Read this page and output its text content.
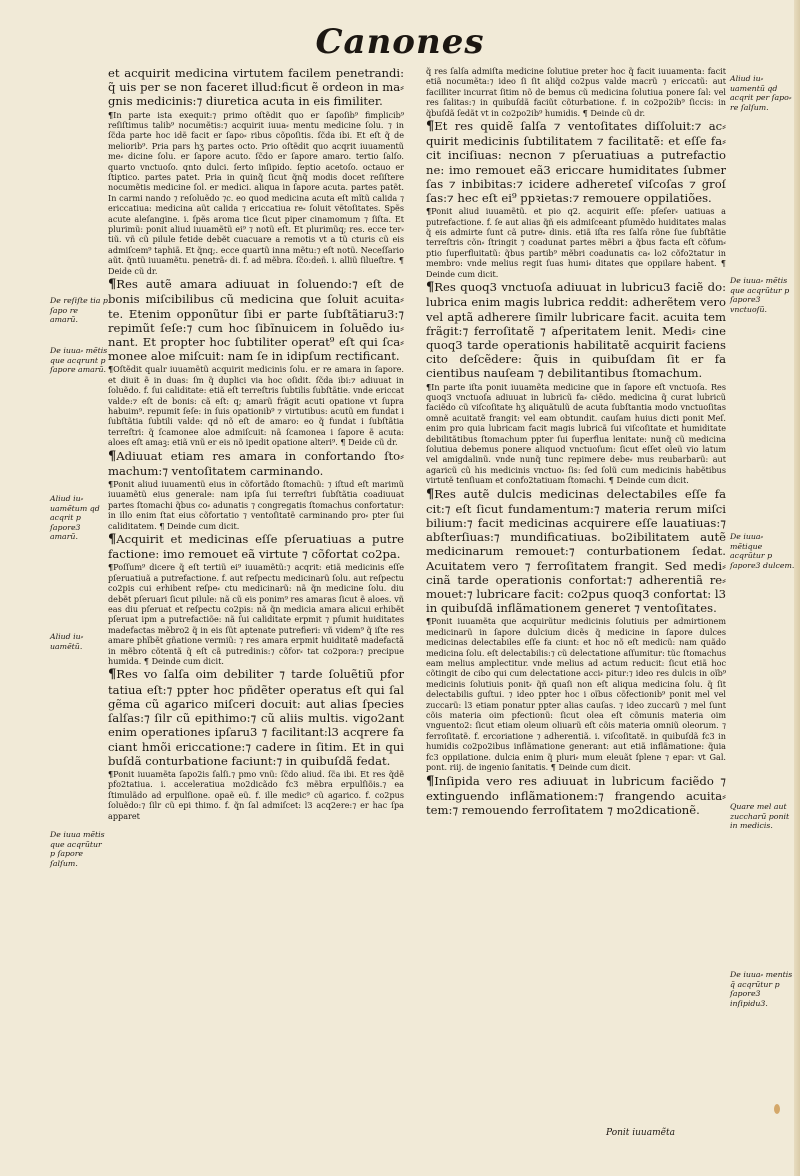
Canones

De reſiſte tia p ſapo re amarũ.

De iuua⸗ mẽtis que acqrunt p ſapore amarũ.

Aliud iu⸗ uamẽtum qd acqrit p ſapore3 amarũ.

Aliud iu⸗ uamẽtũ.

De iuua mẽtis que acqrũtur p ſapore ſalſum.

et acquirit medicina virtutem facilem penetrandi: q̃ uis per se non faceret illud:ficut ẽ ordeon in ma⸗ gnis medicinis:⁊ diuretica acuta in eis fimiliter.

¶In parte ista exequit:⁊ primo oſtẽdit quo er ſapoſib⁹ fimplicib⁹ reſiſtimus talib⁹ nocumẽtis:⁊ acquirit iuua⸗ mentu medicine ſolu. ⁊ in ſc̃da parte hoc idẽ facit er ſapo⸗ ribus cõpoſitis. ſc̃da ibi. Et eſt q̃ de meliorib⁹. Pria pars hʒ partes octo. Prio oſtẽdit quo acqrit iuuamentũ me⸗ dicine ſolu. er ſapore acuto. ſc̃do er ſapore amaro. tertio ſalſo. quarto vnctuoſo. qnto dulci. ſerto inſipido. ſeptio acetoſo. octauo er ſtiptico. partes patet. Pria in quinq̃ ſicut q̃nq̃ modis docet reſiſtere nocumẽtis medicine ſol. er medici. aliqua in ſapore acuta. partes patẽt. In carmi nando ⁊ reſoluẽdo ⁊c. eo quod medicina acuta eſt mĩtũ calida ⁊ ericcatiua: medicina aũt calida ⁊ ericcatiua re⸗ ſoluit vẽtoſitates. Spẽs acute aleſangine. i. ſpẽs aroma tice ſicut piper cinamomum ⁊ ſiſta. Et plurimũ: ponit aliud iuuamẽtũ ei⁹ ⁊ notũ eſt. Et plurimũq; res. ecce ter⸗ tiũ. vñ cũ pilule fetide debẽt cuacuare a remotis vt a tũ cturis cũ eis admiſcem⁹ taphiã. Et q̃nq;. ecce quartũ inna mẽtu:⁊ eſt notũ. Neceſſario aũt. q̃ntũ iuuamẽtu. penetrã⸗ di. f. ad mẽbra. ſc̃o:deñ. i. alliũ ſilueſtre. ¶ Deide cũ dr.

¶Res autẽ amara adiuuat in ſoluendo:⁊ eſt de bonis miſcibilibus cũ medicina que ſoluit acuita⸗ te. Etenim opponũtur ſibi er parte ſubſtãtiaru3:⁊ repimũt ſeſe:⁊ cum hoc ſibĩnuicem in ſoluẽdo iu⸗ nant. Et propter hoc ſubtiliter operat⁹ eſt qui ſca⸗ monee aloe miſcuit: nam ſe in idipſum rectificant.

¶Oſtẽdit qualr iuuamẽtũ acquirit medicinis ſolu. er re amara in ſapore. et diuit ẽ in duas: ſm q̃ duplici via hoc oſidit. ſc̃da ibi:⁊ adiuuat in ſoluẽdo. f. ſui caliditate: etiã eſt terreſtris ſubtilis ſubſtãtie. vnde ericcat valde:⁊ eſt de bonis: cã eſt: q; amarũ frãgit acuti opatione vt ſupra habuim⁹. repumit ſeſe: in ſuis opationib⁹ ⁊ virtutibus: acutũ em fundat i ſubſtãtia ſubtili valde: qd nõ eſt de amaro: eo q̃ fundat i ſubſtãtia terreſtri: q̃ ſcamonee aloe admiſcuit: nã ſcamonea i ſapore ẽ acuta: aloes eſt amaꝫ: etiã vnũ er eis nõ ipedit opatione alteri⁹. ¶ Deide cũ dr.

¶Adiuuat etiam res amara in confortando ſto⸗ machum:⁊ ventoſitatem carminando.

¶Ponit aliud iuuamentũ eius in cõfortãdo ſtomachũ: ⁊ iſtud eſt marimũ iuuamẽtũ eius generale: nam ipſa ſui terreſtri ſubſtãtia coadiuuat partes ſtomachi q̃bus co⸗ adunatis ⁊ congregatis ſtomachus confortatur: in illo enim ſtat eius cõfortatio ⁊ ventoſitatẽ carminando pro⸗ pter ſui caliditatem. ¶ Deinde cum dicit.

¶Acquirit et medicinas eſſe pſeruatiuas a putre factione: imo remouet eã virtute ⁊ cõfortat co2pa.

¶Poſſum⁹ dicere q̃ eſt tertiũ ei⁹ iuuamẽtũ:⁊ acqrit: etiã medicinis eſſe pſeruatiuã a putrefactione. f. aut reſpectu medicinarũ ſolu. aut reſpectu co2pis cui erhibent reſpe⸗ ctu medicinarũ: nã q̃n medicine ſolu. diu debẽt pſeruari ſicut pilule: nã cũ eis ponim⁹ res amaras ſicut ẽ aloes. vñ eas diu pſeruat et reſpectu co2pis: nã q̃n medicia amara alicui erhibẽt pſeruat ipm a putrefactiõe: nã ſui caliditate erpmit ⁊ pſumit huiditates madefactas mẽbro2 q̃ in eis ſũt aptenate putrefieri: vñ videm⁹ q̃ iſte res amare phĩbẽt gñatione vermiũ: ⁊ res amara erpmit huiditatẽ madefactã in mẽbro cõtentã q̃ eſt cã putredinis:⁊ cõfor⸗ tat co2pora:⁊ precipue humida. ¶ Deinde cum dicit.

¶Res vo ſalſa oim debiliter ⁊ tarde ſoluẽtiũ pfor tatiua eſt:⁊ ppter hoc pñdẽter operatus eſt qui ſal gẽma cũ agarico miſceri docuit: aut alias ſpecies ſalſas:⁊ ſilr cũ epithimo:⁊ cũ aliis multis. vigo2ant enim operationes ipſaru3 ⁊ facilitant:l3 acqrere fa ciant hmõi ericcatione:⁊ cadere in ſitim. Et in qui buſdã conturbatione faciunt:⁊ in quibuſdã fedat.

¶Ponit iuuamẽta ſapo2is ſalſi.⁊ pmo vnũ: ſc̃do aliud. ſc̃a ibi. Et res q̃dẽ pfo2tatiua. i. acceleratiua mo2dicãdo fc3 mẽbra erpulſiõis.⁊ ea ſtimulãdo ad erpulſione. opaẽ eũ. f. ille medic⁹ cũ agarico. f. co2pus ſoluẽdo:⁊ ſilr cũ epi thimo. f. q̃n ſal admiſcet: l3 acq2ere:⁊ er hac ſpa apparet

q̃ res ſalſa admiſta medicine ſolutiue preter hoc q̃ facit iuuamenta: facit etiã nocumẽta:⁊ ideo ſi ſit aliq̃d co2pus valde macrũ ⁊ ericcatũ: aut facilliter incurrat ſitim nõ de bemus cũ medicina ſolutiua ponere ſal: vel res ſalitas:⁊ in quibuſdã faciũt cõturbatione. f. in co2po2ib⁹ ſiccis: in q̃buſdã ſedãt vt in co2po2ib⁹ humidis. ¶ Deinde cũ dr.

¶Et res quidẽ ſalſa ⁊ ventoſitates diſſoluit:⁊ ac⸗ quirit medicinis ſubtilitatem ⁊ facilitatẽ: et eſſe fa⸗ cit inciſiuas: necnon ⁊ pſeruatiuas a putrefactio ne: imo remouet eã3 ericcare humiditates ſubmer ſas ⁊ inbibitas:⁊ icidere adhereteſ viſcoſas ⁊ groſ ſas:⁊ hec eſt ei⁹ ppꝛietas:⁊ remouere oppilatiões.

¶Ponit aliud iuuamẽtũ. et pio q2. acquirit eſſe: pſeſer⸗ uatiuas a putrefactione. f. ſe aut alias q̃ñ eis admiſceant pſumẽdo huiditates malas q̃ eis admirte ſunt cã putre⸗ dinis. etiã iſta res ſalſa rõne ſue ſubſtãtie terreſtris cõn⸗ ſtringit ⁊ coadunat partes mẽbri a q̃bus facta eſt cõfum⸗ ptio ſuperfluitatũ: q̃bus partib⁹ mẽbri coadunatis ca⸗ lo2 cõfo2tatur in membro: vnde melius regit ſuas humi⸗ ditates que oppilare habent. ¶ Deinde cum dicit.

¶Res quoq3 vnctuoſa adiuuat in lubricu3 faciẽ do: lubrica enim magis lubrica reddit: adherẽtem vero vel aptã adherere ſimilr lubricare facit. acuita tem frãgit:⁊ ferroſitatẽ ⁊ aſperitatem lenit. Medi⸗ cine quoq3 tarde operationis habilitatẽ acquirit faciens cito deſcẽdere: q̃uis in quibuſdam ſit er fa cientibus nauſeam ⁊ debilitantibus ſtomachum.

¶In parte iſta ponit iuuamẽta medicine que in ſapore eſt vnctuoſa. Res quoq3 vnctuoſa adiuuat in lubricũ fa⸗ ciẽdo. medicina q̃ curat lubricũ faciẽdo cũ viſcoſitate hʒ aliquãtulũ de acuta ſubſtantia modo vnctuoſitas omnẽ acuitatẽ frangit: vel eam obtundit. cauſam huius dicti ponit Meſ. enim pro quia lubricam facit magis lubricã ſui viſcoſitate et humiditate debilitãtibus ſtomachum ppter ſui ſuperflua lenitate: nunq̃ cũ medicina ſolutiua debemus ponere aliquod vnctuoſum: ſicut eſſet oleũ vio latum vel amigdalinũ. vnde nunq̃ tunc repimere debe⸗ mus reubarbarũ: aut agaricũ cũ his medicinis vnctuo⸗ ſis: ſed ſolũ cum medicinis habẽtibus virtutẽ tenſiuam et confo2tatiuam ſtomachi. ¶ Deinde cum dicit.

¶Res autẽ dulcis medicinas delectabiles eſſe fa cit:⁊ eſt ſicut fundamentum:⁊ materia rerum miſci bilium:⁊ facit medicinas acquirere eſſe lauatiuas:⁊ abſterſiuas:⁊ mundificatiuas. bo2ibilitatem autẽ medicinarum remouet:⁊ conturbationem ſedat. Acuitatem vero ⁊ ferroſitatem frangit. Sed medi⸗ cinã tarde operationis confortat:⁊ adherentiã re⸗ mouet:⁊ lubricare facit: co2pus quoq3 confortat: l3 in quibuſdã inflãmationem generet ⁊ ventoſitates.

¶Ponit iuuamẽta que acquirũtur medicinis ſolutiuis per admirtionem medicinarũ in ſapore dulcium dicẽs q̃ medicine in ſapore dulces medicinas delectabiles eſſe fa ciunt: et hoc nõ eſt medicũ: nam quãdo medicina ſolu. eſt delectabilis:⁊ cũ delectatione aſſumitur: tũc ſtomachus eam melius amplectitur. vnde melius ad actum reducit: ſicut etiã hoc cõtingit de cibo qui cum delectatione acci⸗ pitur:⁊ ideo res dulcis in oĩb⁹ medicinis ſolutiuis ponit⸗ q̃ñ quaſi non eſt aliqua medicina ſolu. q̃ ſit delectabilis guſtui. ⁊ ideo ppter hoc i oĩbus cõfectionib⁹ ponit mel vel zuccarũ: l3 etiam ponatur ppter alias cauſas. ⁊ ideo zuccarũ ⁊ mel ſunt cõis materia oim pfectionũ: ſicut olea eſt cõmunis materia oim vnguento2: ſicut etiam oleum oliuarũ eſt cõis materia omniũ oleorum. ⁊ ferroſitatẽ. f. ercoriatione ⁊ adherentiã. i. viſcoſitatẽ. in quibuſdã fc3 in humidis co2po2ibus inflãmatione generant: aut etiã inflãmatione: q̃uia fc3 oppilatione. dulcia enim q̃ pluri⸗ mum eleuãt ſplene ⁊ epar: vt Gal. pont. riij. de ingenio ſanitatis. ¶ Deinde cum dicit.

¶Inſipida vero res adiuuat in lubricum faciẽdo ⁊ extinguendo inflãmationem:⁊ frangendo acuita⸗ tem:⁊ remouendo ferroſitatem ⁊ mo2dicationẽ.

Aliud iu⸗ uamentũ qd acqrit per ſapo⸗ re ſalſum.

De iuua⸗ mẽtis que acqrũtur p ſapore3 vnctuoſũ.

De iuua⸗ mẽtique acqrũtur p ſapore3 dulcem.

Quare mel aut zuccharũ ponit in medicis.

De iuua⸗ mentis q̃ acqrũtur p ſapore3 inſipidu3.

Ponit iuuamẽta
